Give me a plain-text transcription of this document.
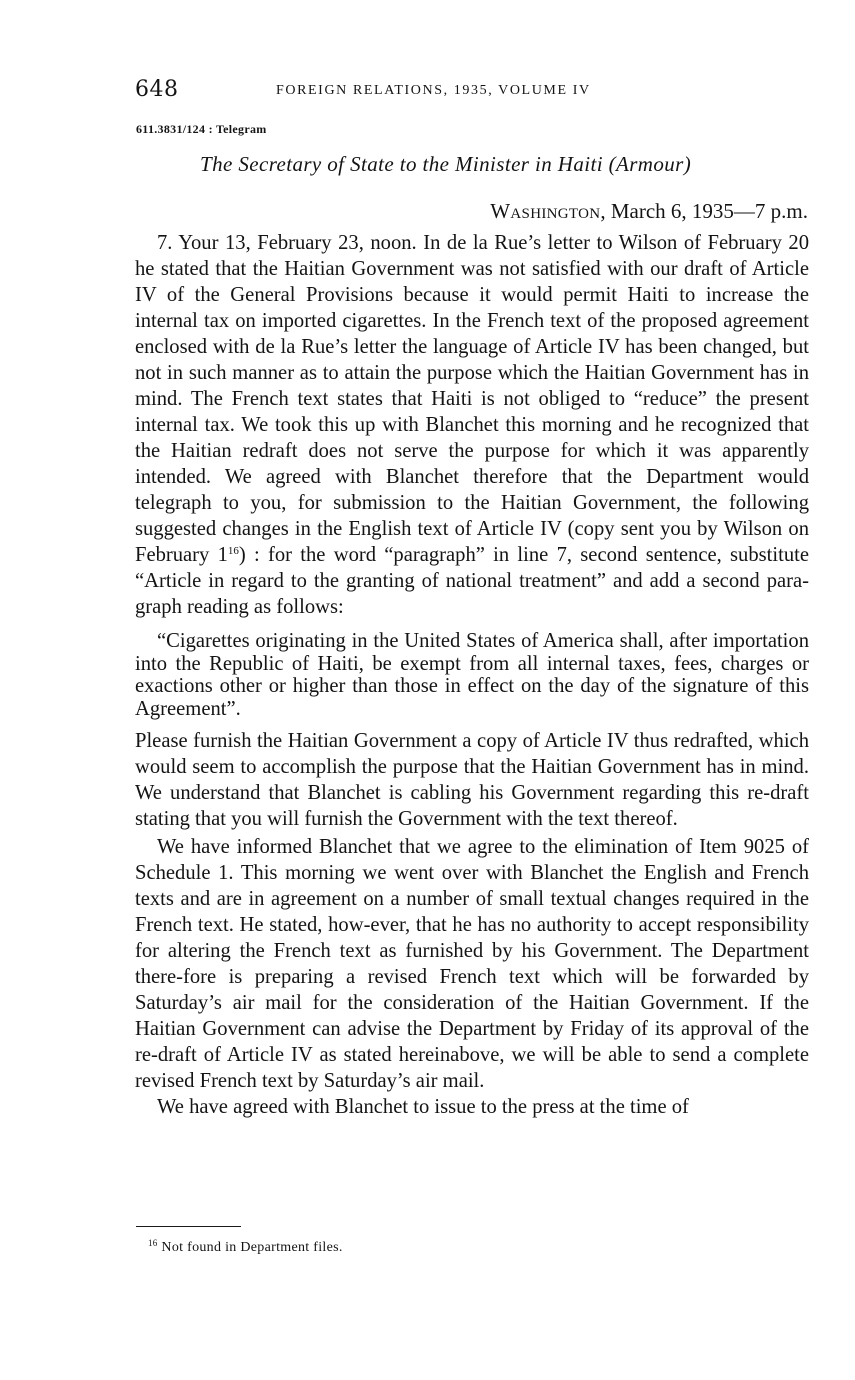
648	FOREIGN RELATIONS, 1935, VOLUME IV
611.3831/124 : Telegram
The Secretary of State to the Minister in Haiti (Armour)
Washington, March 6, 1935—7 p.m.

7. Your 13, February 23, noon. In de la Rue’s letter to Wilson of February 20 he stated that the Haitian Government was not satisfied with our draft of Article IV of the General Provisions because it would permit Haiti to increase the internal tax on imported cigarettes. In the French text of the proposed agreement enclosed with de la Rue’s letter the language of Article IV has been changed, but not in such manner as to attain the purpose which the Haitian Government has in mind. The French text states that Haiti is not obliged to “reduce” the present internal tax. We took this up with Blanchet this morning and he recognized that the Haitian redraft does not serve the purpose for which it was apparently intended. We agreed with Blanchet therefore that the Department would telegraph to you, for submission to the Haitian Government, the following suggested changes in the English text of Article IV (copy sent you by Wilson on February 1$^{16}$) : for the word “paragraph” in line 7, second sentence, substitute “Article in regard to the granting of national treatment” and add a second para-graph reading as follows:

“Cigarettes originating in the United States of America shall, after importation into the Republic of Haiti, be exempt from all internal taxes, fees, charges or exactions other or higher than those in effect on the day of the signature of this Agreement”.

Please furnish the Haitian Government a copy of Article IV thus redrafted, which would seem to accomplish the purpose that the Haitian Government has in mind. We understand that Blanchet is cabling his Government regarding this re-draft stating that you will furnish the Government with the text thereof.

We have informed Blanchet that we agree to the elimination of Item 9025 of Schedule 1. This morning we went over with Blanchet the English and French texts and are in agreement on a number of small textual changes required in the French text. He stated, how-ever, that he has no authority to accept responsibility for altering the French text as furnished by his Government. The Department there-fore is preparing a revised French text which will be forwarded by Saturday’s air mail for the consideration of the Haitian Government. If the Haitian Government can advise the Department by Friday of its approval of the re-draft of Article IV as stated hereinabove, we will be able to send a complete revised French text by Saturday’s air mail.

We have agreed with Blanchet to issue to the press at the time of

$^{16}$ Not found in Department files.
